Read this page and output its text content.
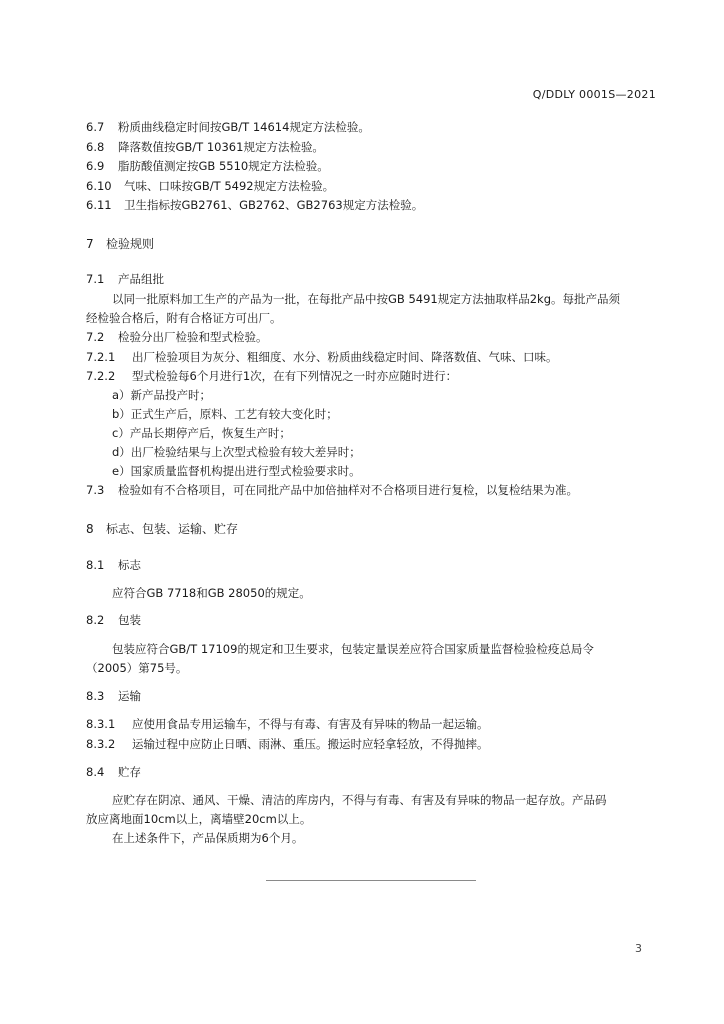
Q/DDLY 0001S—2021
6.7 粉质曲线稳定时间按GB/T 14614规定方法检验。
6.8 降落数值按GB/T 10361规定方法检验。
6.9 脂肪酸值测定按GB 5510规定方法检验。
6.10 气味、口味按GB/T 5492规定方法检验。
6.11 卫生指标按GB2761、GB2762、GB2763规定方法检验。
7 检验规则
7.1 产品组批
以同一批原料加工生产的产品为一批，在每批产品中按GB 5491规定方法抽取样品2kg。每批产品须
经检验合格后，附有合格证方可出厂。
7.2 检验分出厂检验和型式检验。
7.2.1 出厂检验项目为灰分、粗细度、水分、粉质曲线稳定时间、降落数值、气味、口味。
7.2.2 型式检验每6个月进行1次，在有下列情况之一时亦应随时进行：
a）新产品投产时；
b）正式生产后，原料、工艺有较大变化时；
c）产品长期停产后，恢复生产时；
d）出厂检验结果与上次型式检验有较大差异时；
e）国家质量监督机构提出进行型式检验要求时。
7.3 检验如有不合格项目，可在同批产品中加倍抽样对不合格项目进行复检，以复检结果为准。
8 标志、包装、运输、贮存
8.1 标志
应符合GB 7718和GB 28050的规定。
8.2 包装
包装应符合GB/T 17109的规定和卫生要求，包装定量误差应符合国家质量监督检验检疫总局令
（2005）第75号。
8.3 运输
8.3.1 应使用食品专用运输车，不得与有毒、有害及有异味的物品一起运输。
8.3.2 运输过程中应防止日晒、雨淋、重压。搬运时应轻拿轻放，不得抛摔。
8.4 贮存
应贮存在阴凉、通风、干燥、清洁的库房内，不得与有毒、有害及有异味的物品一起存放。产品码
放应离地面10cm以上，离墙壁20cm以上。
在上述条件下，产品保质期为6个月。
3
